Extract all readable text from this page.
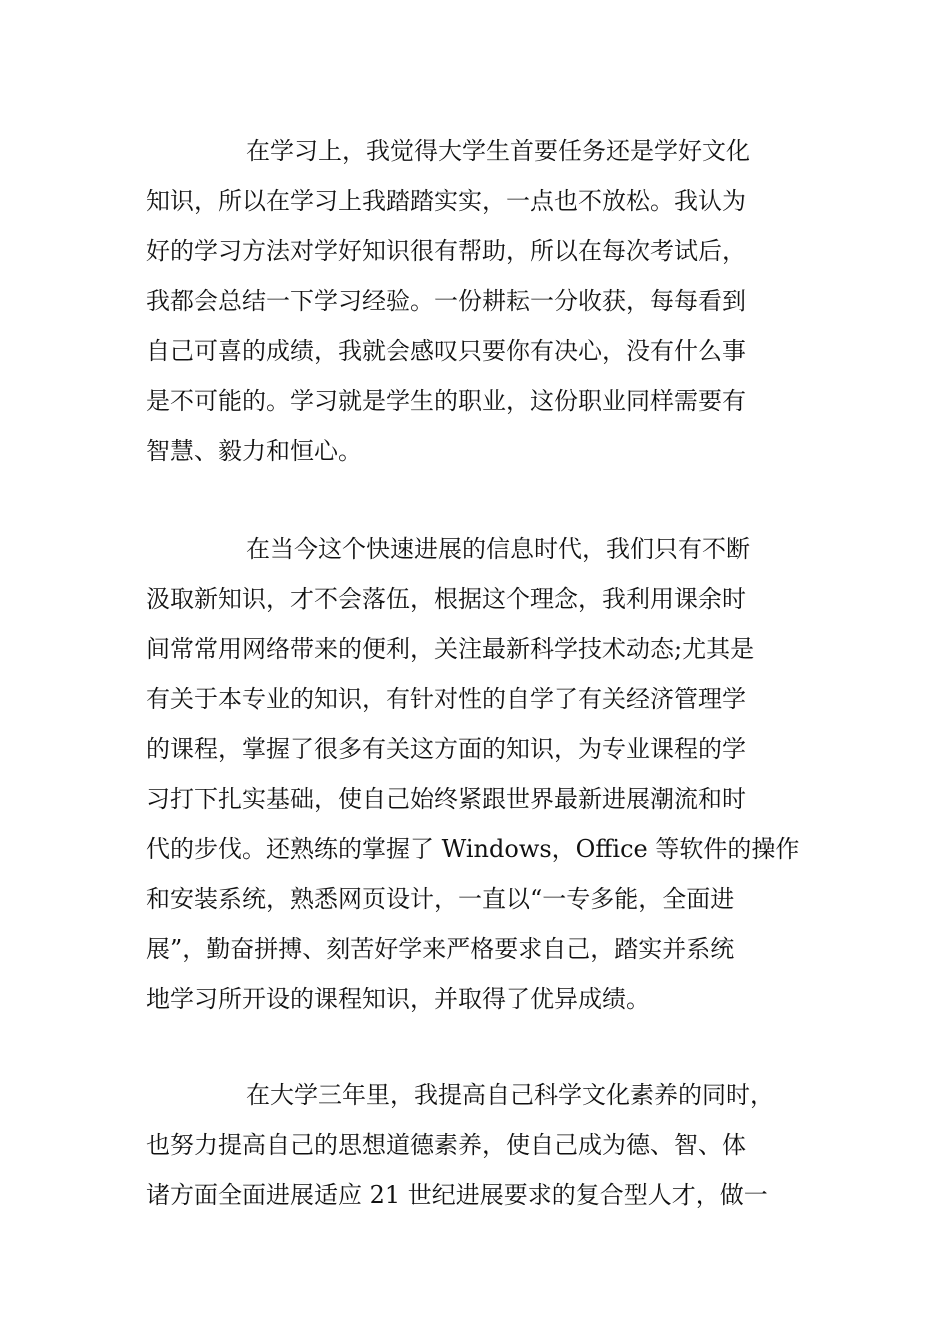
在学习上，我觉得大学生首要任务还是学好文化
知识，所以在学习上我踏踏实实，一点也不放松。我认为
好的学习方法对学好知识很有帮助，所以在每次考试后，
我都会总结一下学习经验。一份耕耘一分收获，每每看到
自己可喜的成绩，我就会感叹只要你有决心，没有什么事
是不可能的。学习就是学生的职业，这份职业同样需要有
智慧、毅力和恒心。
在当今这个快速进展的信息时代，我们只有不断
汲取新知识，才不会落伍，根据这个理念，我利用课余时
间常常用网络带来的便利，关注最新科学技术动态;尤其是
有关于本专业的知识，有针对性的自学了有关经济管理学
的课程，掌握了很多有关这方面的知识，为专业课程的学
习打下扎实基础，使自己始终紧跟世界最新进展潮流和时
代的步伐。还熟练的掌握了 Windows，Office 等软件的操作
和安装系统，熟悉网页设计，一直以“一专多能，全面进
展”，勤奋拼搏、刻苦好学来严格要求自己，踏实并系统
地学习所开设的课程知识，并取得了优异成绩。
在大学三年里，我提高自己科学文化素养的同时，
也努力提高自己的思想道德素养，使自己成为德、智、体
诸方面全面进展适应 21 世纪进展要求的复合型人才，做一
